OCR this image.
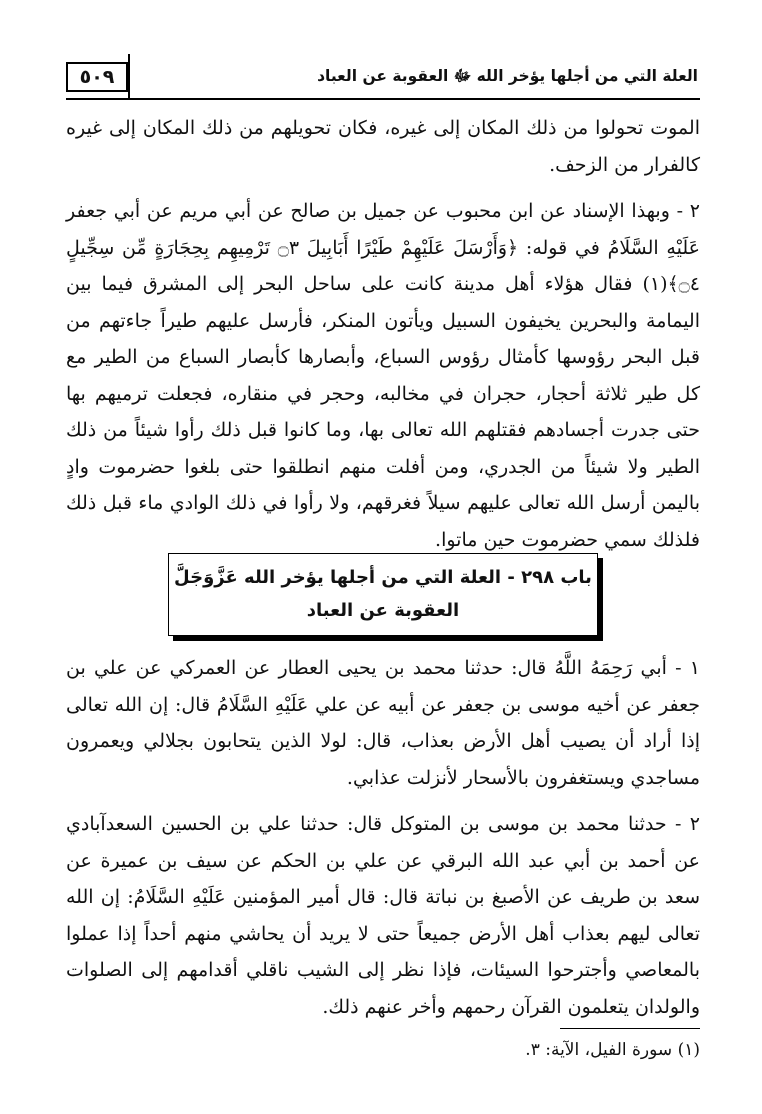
٥٠٩	العلة التي من أجلها يؤخر الله ﷻ العقوبة عن العباد

الموت تحولوا من ذلك المكان إلى غيره، فكان تحويلهم من ذلك المكان إلى غيره كالفرار من الزحف.

٢ - وبهذا الإسناد عن ابن محبوب عن جميل بن صالح عن أبي مريم عن أبي جعفر عَلَيْهِ السَّلَامُ في قوله: ﴿وَأَرْسَلَ عَلَيْهِمْ طَيْرًا أَبَابِيلَ ۝٣ تَرْمِيهِم بِحِجَارَةٍ مِّن سِجِّيلٍ ۝٤﴾(١) فقال هؤلاء أهل مدينة كانت على ساحل البحر إلى المشرق فيما بين اليمامة والبحرين يخيفون السبيل ويأتون المنكر، فأرسل عليهم طيراً جاءتهم من قبل البحر رؤوسها كأمثال رؤوس السباع، وأبصارها كأبصار السباع من الطير مع كل طير ثلاثة أحجار، حجران في مخالبه، وحجر في منقاره، فجعلت ترميهم بها حتى جدرت أجسادهم فقتلهم الله تعالى بها، وما كانوا قبل ذلك رأوا شيئاً من ذلك الطير ولا شيئاً من الجدري، ومن أفلت منهم انطلقوا حتى بلغوا حضرموت وادٍ باليمن أرسل الله تعالى عليهم سيلاً فغرقهم، ولا رأوا في ذلك الوادي ماء قبل ذلك فلذلك سمي حضرموت حين ماتوا.

باب ٢٩٨ - العلة التي من أجلها يؤخر الله عَزَّوَجَلَّ
العقوبة عن العباد

١ - أبي رَحِمَهُ اللَّهُ قال: حدثنا محمد بن يحيى العطار عن العمركي عن علي بن جعفر عن أخيه موسى بن جعفر عن أبيه عن علي عَلَيْهِ السَّلَامُ قال: إن الله تعالى إذا أراد أن يصيب أهل الأرض بعذاب، قال: لولا الذين يتحابون بجلالي ويعمرون مساجدي ويستغفرون بالأسحار لأنزلت عذابي.

٢ - حدثنا محمد بن موسى بن المتوكل قال: حدثنا علي بن الحسين السعدآبادي عن أحمد بن أبي عبد الله البرقي عن علي بن الحكم عن سيف بن عميرة عن سعد بن طريف عن الأصبغ بن نباتة قال: قال أمير المؤمنين عَلَيْهِ السَّلَامُ: إن الله تعالى ليهم بعذاب أهل الأرض جميعاً حتى لا يريد أن يحاشي منهم أحداً إذا عملوا بالمعاصي وأجترحوا السيئات، فإذا نظر إلى الشيب ناقلي أقدامهم إلى الصلوات والولدان يتعلمون القرآن رحمهم وأخر عنهم ذلك.

(١) سورة الفيل، الآية: ٣.
